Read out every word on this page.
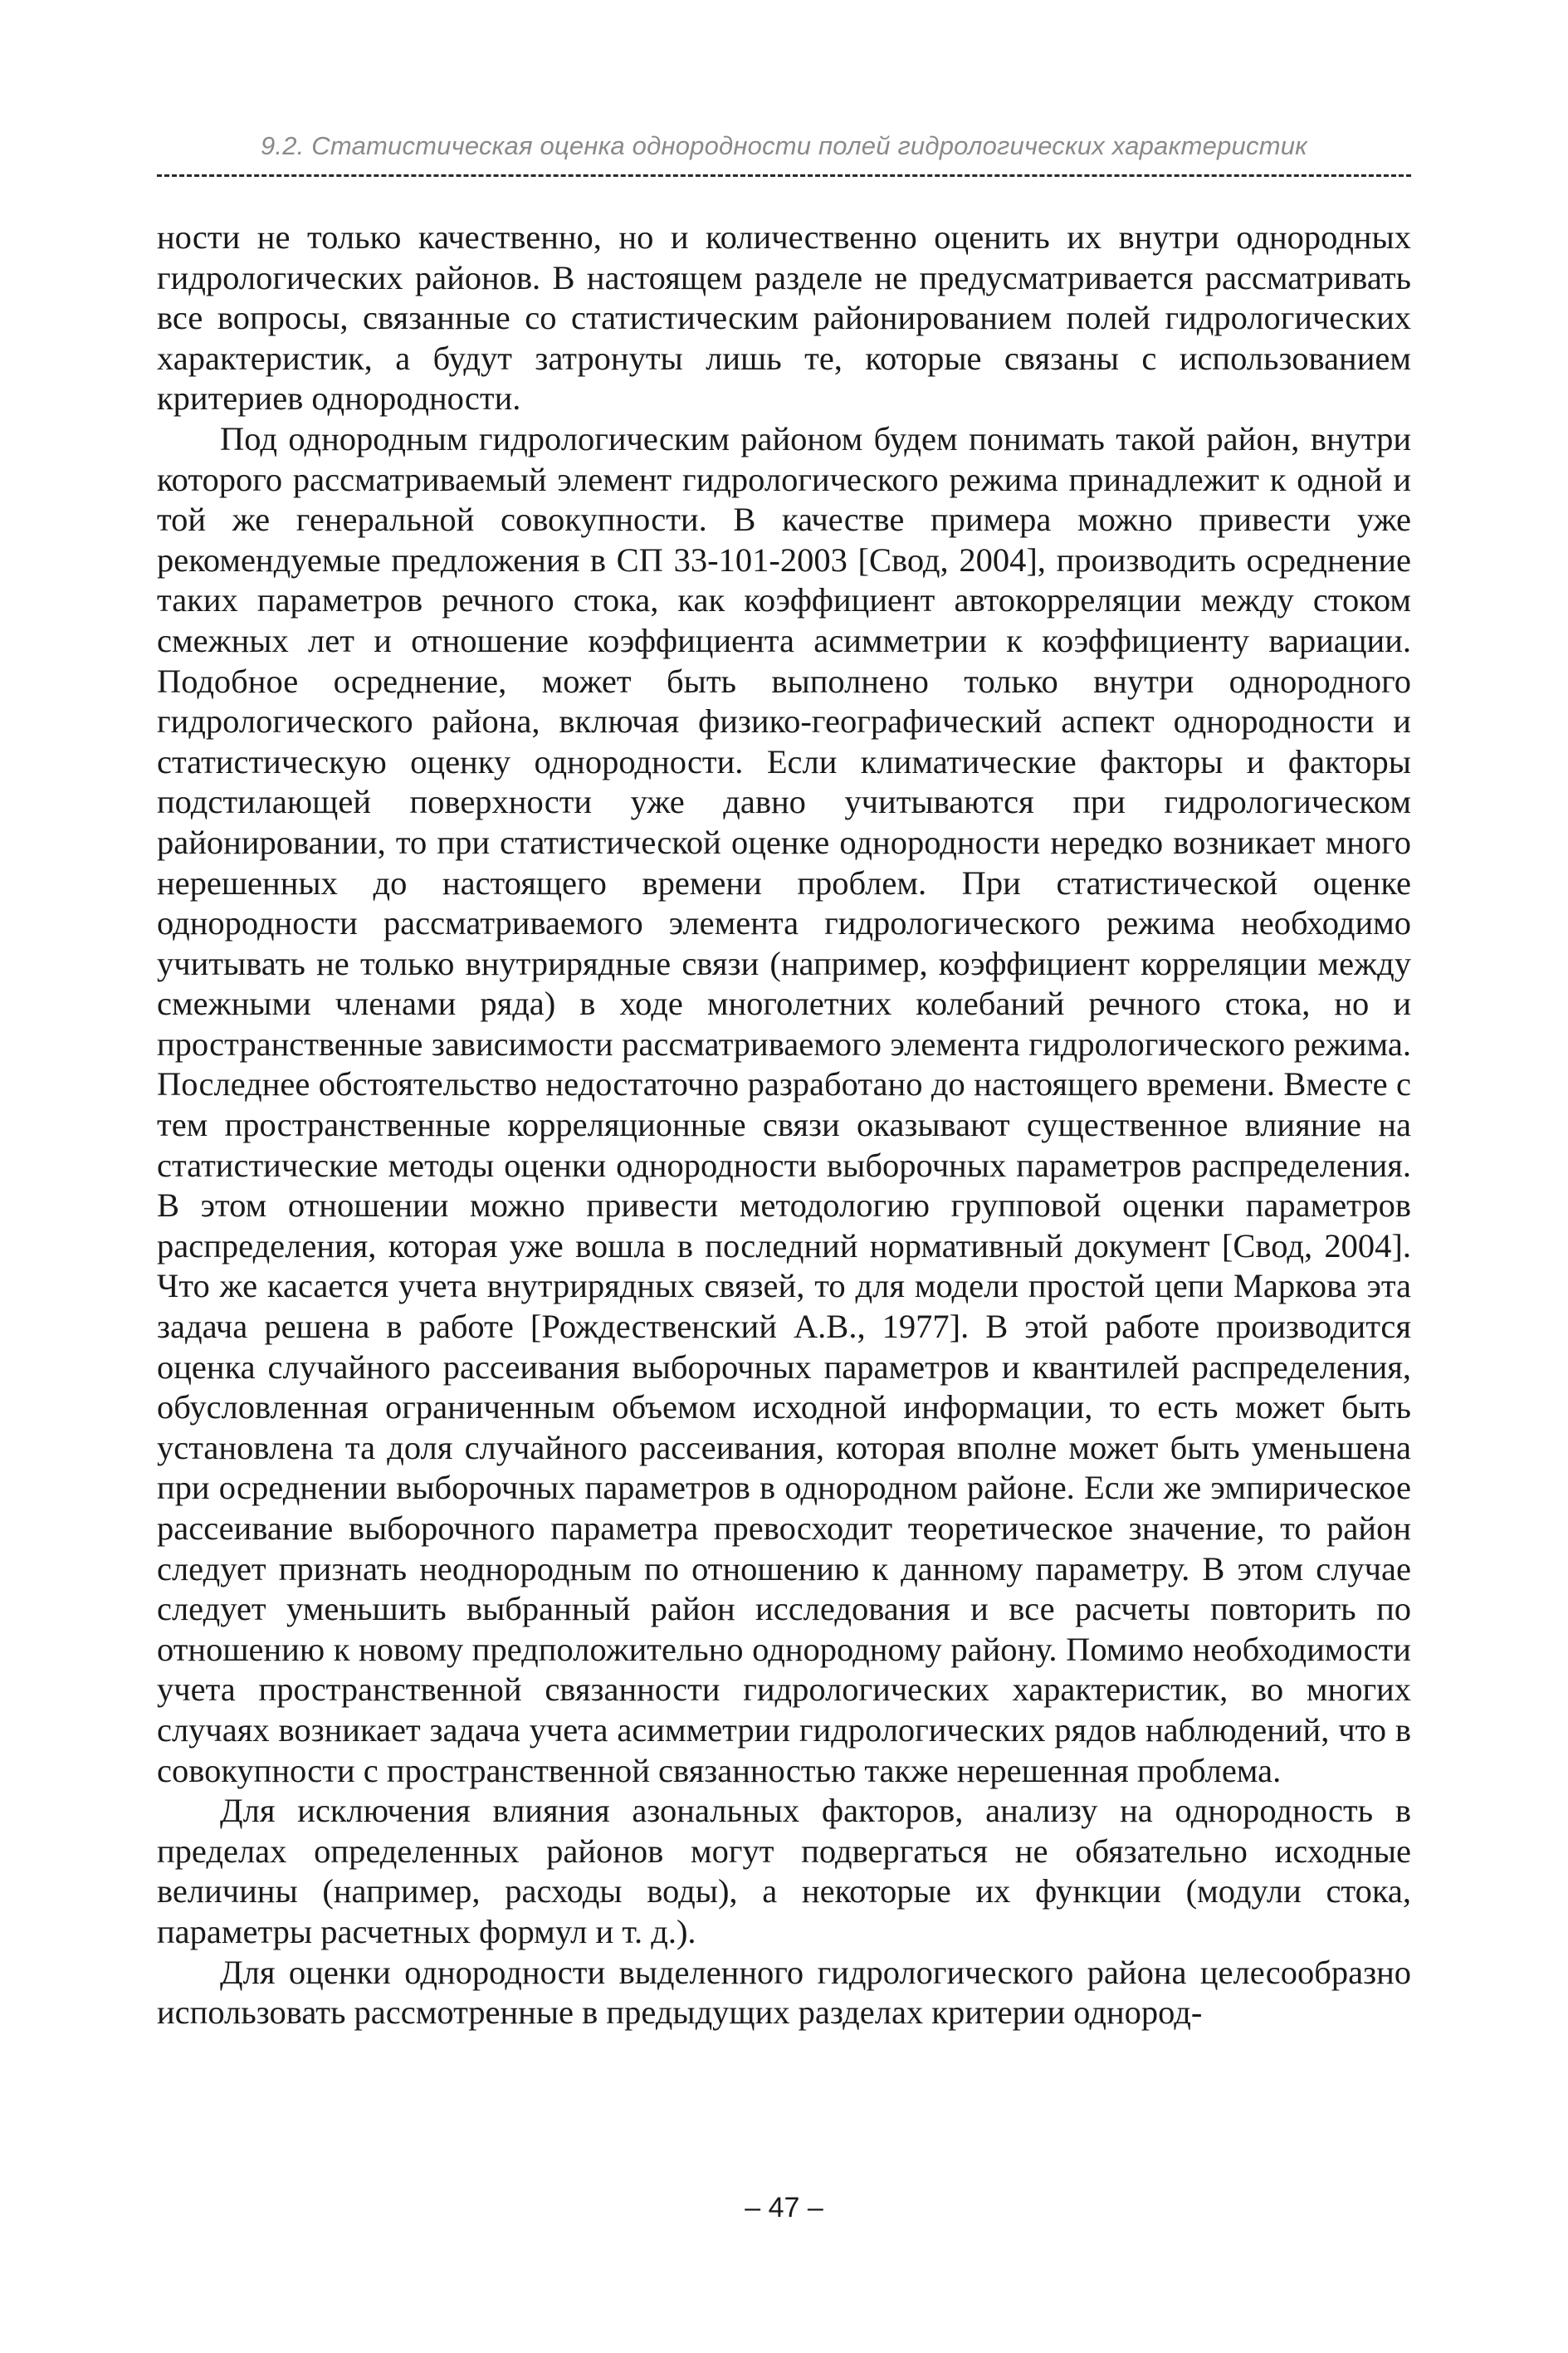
9.2. Статистическая оценка однородности полей гидрологических характеристик

ности не только качественно, но и количественно оценить их внутри однородных гидрологических районов. В настоящем разделе не предусматривается рассматривать все вопросы, связанные со статистическим районированием полей гидрологических характеристик, а будут затронуты лишь те, которые связаны с использованием критериев однородности.

Под однородным гидрологическим районом будем понимать такой район, внутри которого рассматриваемый элемент гидрологического режима принадлежит к одной и той же генеральной совокупности. В качестве примера можно привести уже рекомендуемые предложения в СП 33-101-2003 [Свод, 2004], производить осреднение таких параметров речного стока, как коэффициент автокорреляции между стоком смежных лет и отношение коэффициента асимметрии к коэффициенту вариации. Подобное осреднение, может быть выполнено только внутри однородного гидрологического района, включая физико-географический аспект однородности и статистическую оценку однородности. Если климатические факторы и факторы подстилающей поверхности уже давно учитываются при гидрологическом районировании, то при статистической оценке однородности нередко возникает много нерешенных до настоящего времени проблем. При статистической оценке однородности рассматриваемого элемента гидрологического режима необходимо учитывать не только внутрирядные связи (например, коэффициент корреляции между смежными членами ряда) в ходе многолетних колебаний речного стока, но и пространственные зависимости рассматриваемого элемента гидрологического режима. Последнее обстоятельство недостаточно разработано до настоящего времени. Вместе с тем пространственные корреляционные связи оказывают существенное влияние на статистические методы оценки однородности выборочных параметров распределения. В этом отношении можно привести методологию групповой оценки параметров распределения, которая уже вошла в последний нормативный документ [Свод, 2004]. Что же касается учета внутрирядных связей, то для модели простой цепи Маркова эта задача решена в работе [Рождественский А.В., 1977]. В этой работе производится оценка случайного рассеивания выборочных параметров и квантилей распределения, обусловленная ограниченным объемом исходной информации, то есть может быть установлена та доля случайного рассеивания, которая вполне может быть уменьшена при осреднении выборочных параметров в однородном районе. Если же эмпирическое рассеивание выборочного параметра превосходит теоретическое значение, то район следует признать неоднородным по отношению к данному параметру. В этом случае следует уменьшить выбранный район исследования и все расчеты повторить по отношению к новому предположительно однородному району. Помимо необходимости учета пространственной связанности гидрологических характеристик, во многих случаях возникает задача учета асимметрии гидрологических рядов наблюдений, что в совокупности с пространственной связанностью также нерешенная проблема.

Для исключения влияния азональных факторов, анализу на однородность в пределах определенных районов могут подвергаться не обязательно исходные величины (например, расходы воды), а некоторые их функции (модули стока, параметры расчетных формул и т. д.).

Для оценки однородности выделенного гидрологического района целесообразно использовать рассмотренные в предыдущих разделах критерии однород-

– 47 –
